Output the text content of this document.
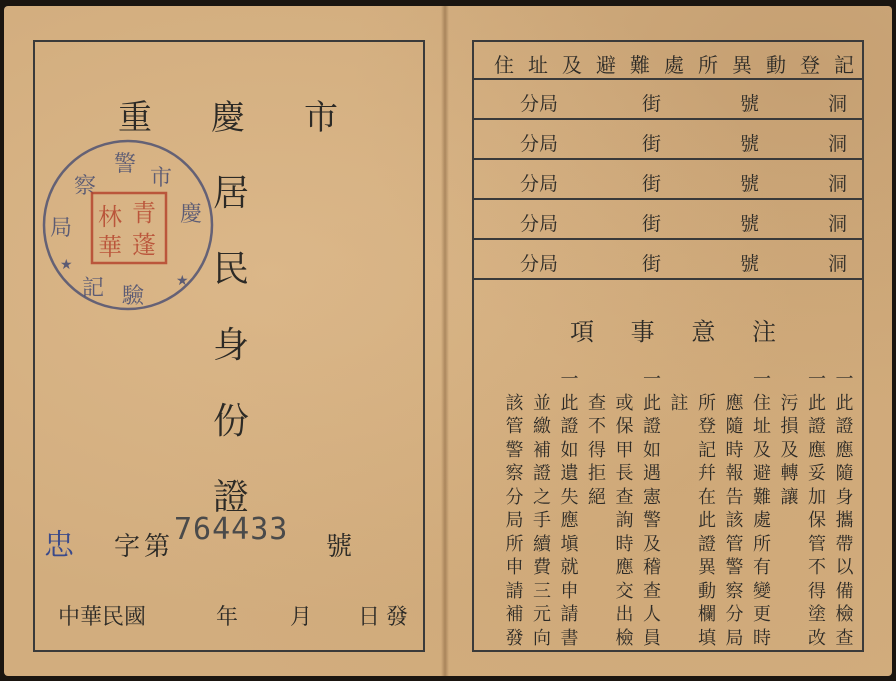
重 慶 市
居
民
身
份
證
察
警
市
慶
局
記 驗
★
★
林 青
華 蓬
忠 字 第 764433 號
中華民國	年 月 日 發
記
登
動
異
所
處
難
避
及
址
住
分局	街	號	洞
分局	街	號	洞
分局	街	號	洞
分局	街	號	洞
分局	街	號	洞
項 事 意 注
一
此
證
應
隨
身
攜
帶
以
備
檢
查
一
此
證
應
妥
加
保
管
不
得
塗
改
污
損
及
轉
讓
一
住
址
及
避
難
處
所
有
變
更
時
應
隨
時
報
告
該
管
警
察
分
局
所
登
記
幷
在
此
證
異
動
欄
填
註
一
此
證
如
遇
憲
警
及
稽
查
人
員
或
保
甲
長
查
詢
時
應
交
出
檢
查
不
得
拒
絕
一
此
證
如
遺
失
應
塡
就
申
請
書
並
繳
補
證
之
手
續
費
三
元
向
該
管
警
察
分
局
所
申
請
補
發
